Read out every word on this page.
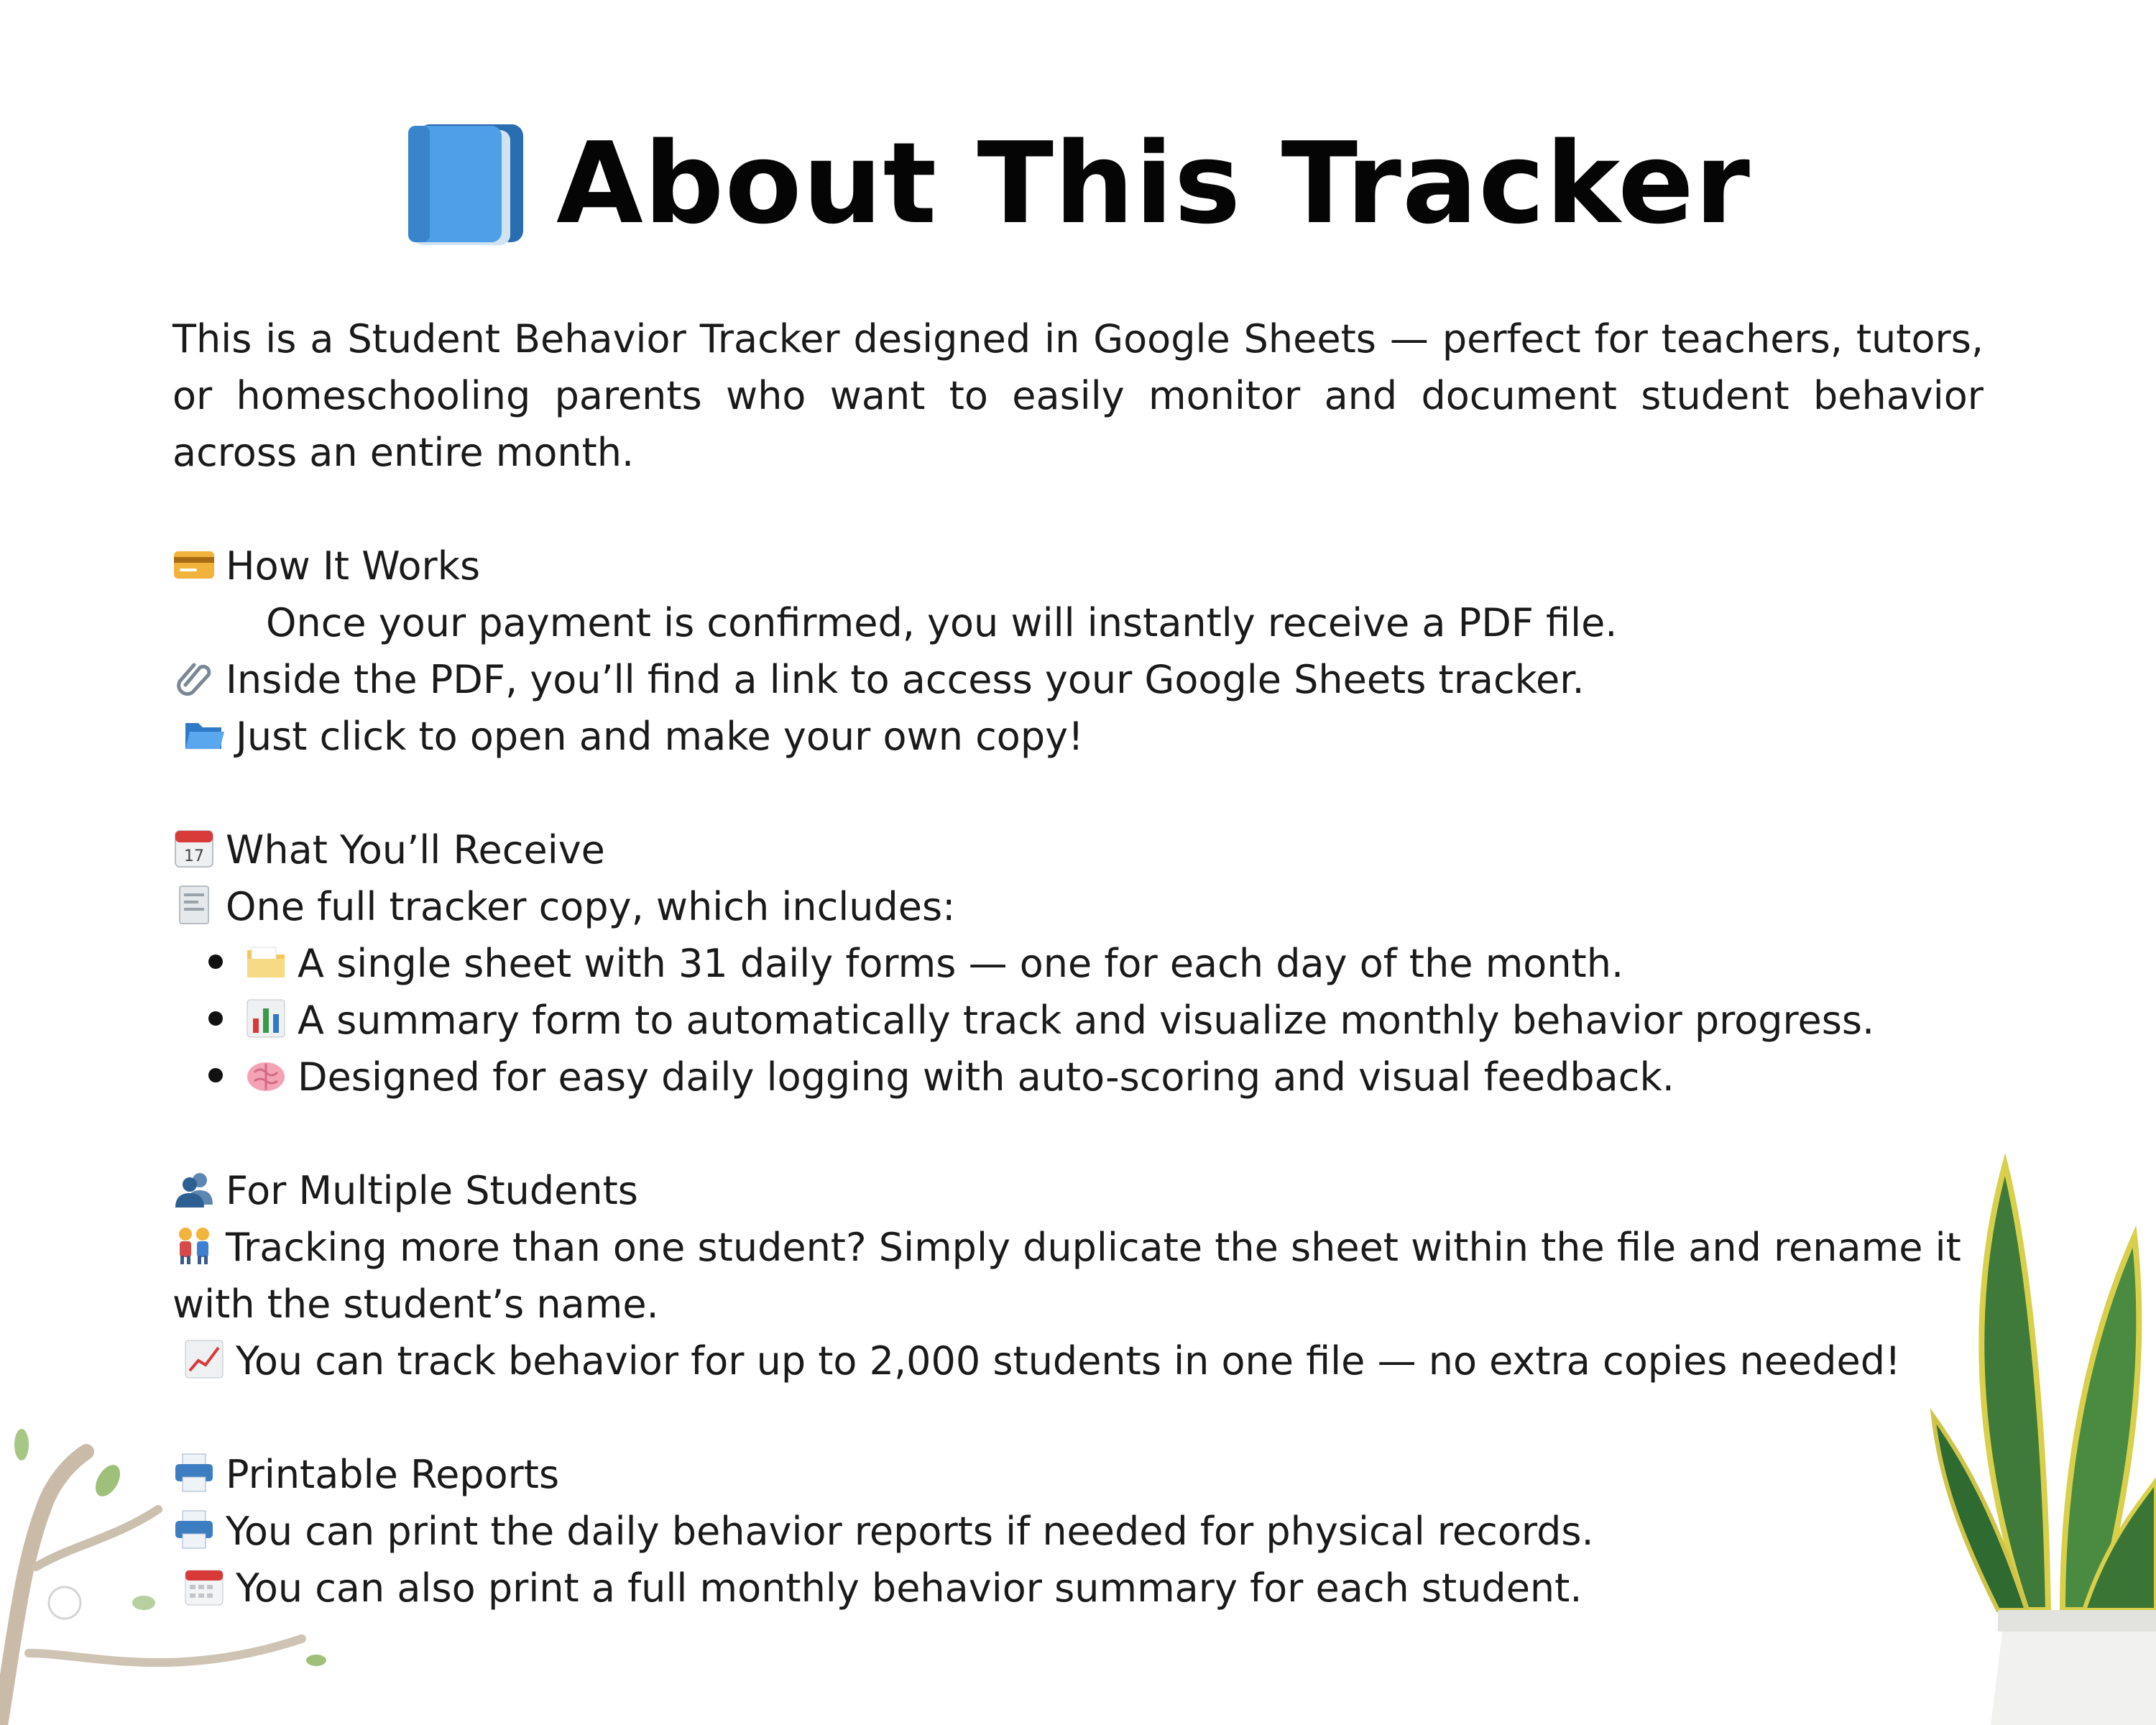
About This Tracker
This is a Student Behavior Tracker designed in Google Sheets — perfect for teachers, tutors, or homeschooling parents who want to easily monitor and document student behavior across an entire month.
How It Works
Once your payment is confirmed, you will instantly receive a PDF file.
Inside the PDF, you’ll find a link to access your Google Sheets tracker.
Just click to open and make your own copy!
17 What You’ll Receive
One full tracker copy, which includes:
A single sheet with 31 daily forms — one for each day of the month.
A summary form to automatically track and visualize monthly behavior progress.
Designed for easy daily logging with auto-scoring and visual feedback.
For Multiple Students
Tracking more than one student? Simply duplicate the sheet within the file and rename it with the student’s name.
You can track behavior for up to 2,000 students in one file — no extra copies needed!
Printable Reports
You can print the daily behavior reports if needed for physical records.
You can also print a full monthly behavior summary for each student.
